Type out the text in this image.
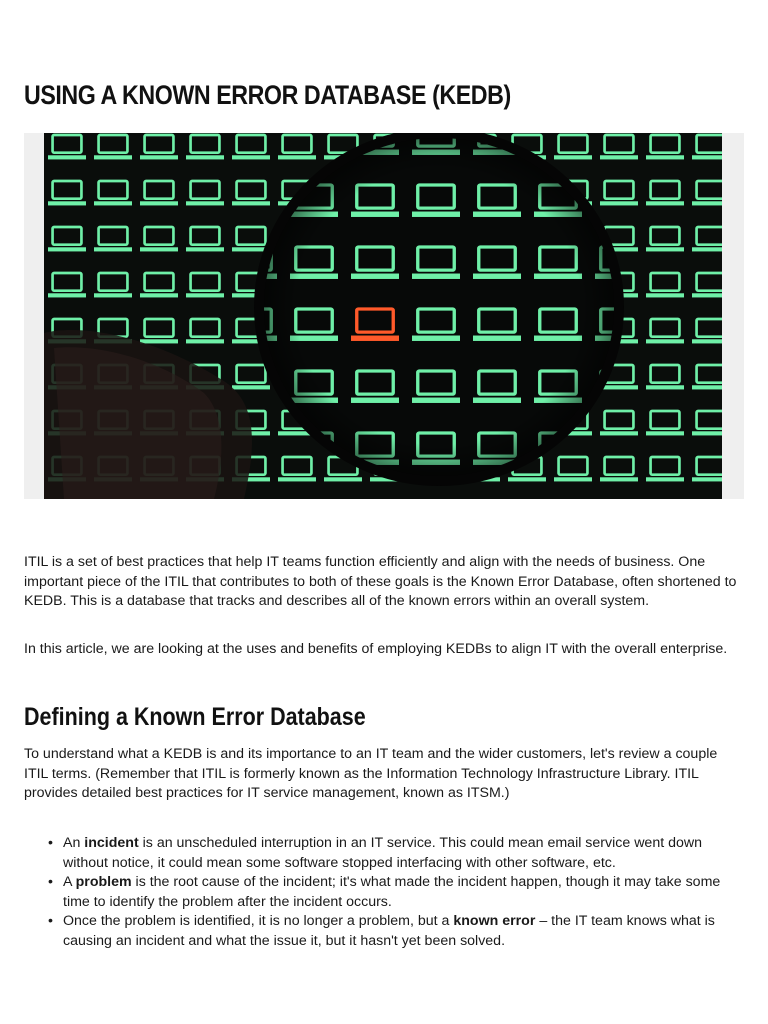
USING A KNOWN ERROR DATABASE (KEDB)

ITIL is a set of best practices that help IT teams function efficiently and align with the needs of business. One important piece of the ITIL that contributes to both of these goals is the Known Error Database, often shortened to KEDB. This is a database that tracks and describes all of the known errors within an overall system.

In this article, we are looking at the uses and benefits of employing KEDBs to align IT with the overall enterprise.

Defining a Known Error Database

To understand what a KEDB is and its importance to an IT team and the wider customers, let's review a couple ITIL terms. (Remember that ITIL is formerly known as the Information Technology Infrastructure Library. ITIL provides detailed best practices for IT service management, known as ITSM.)

• An incident is an unscheduled interruption in an IT service. This could mean email service went down without notice, it could mean some software stopped interfacing with other software, etc.
• A problem is the root cause of the incident; it's what made the incident happen, though it may take some time to identify the problem after the incident occurs.
• Once the problem is identified, it is no longer a problem, but a known error – the IT team knows what is causing an incident and what the issue it, but it hasn't yet been solved.
